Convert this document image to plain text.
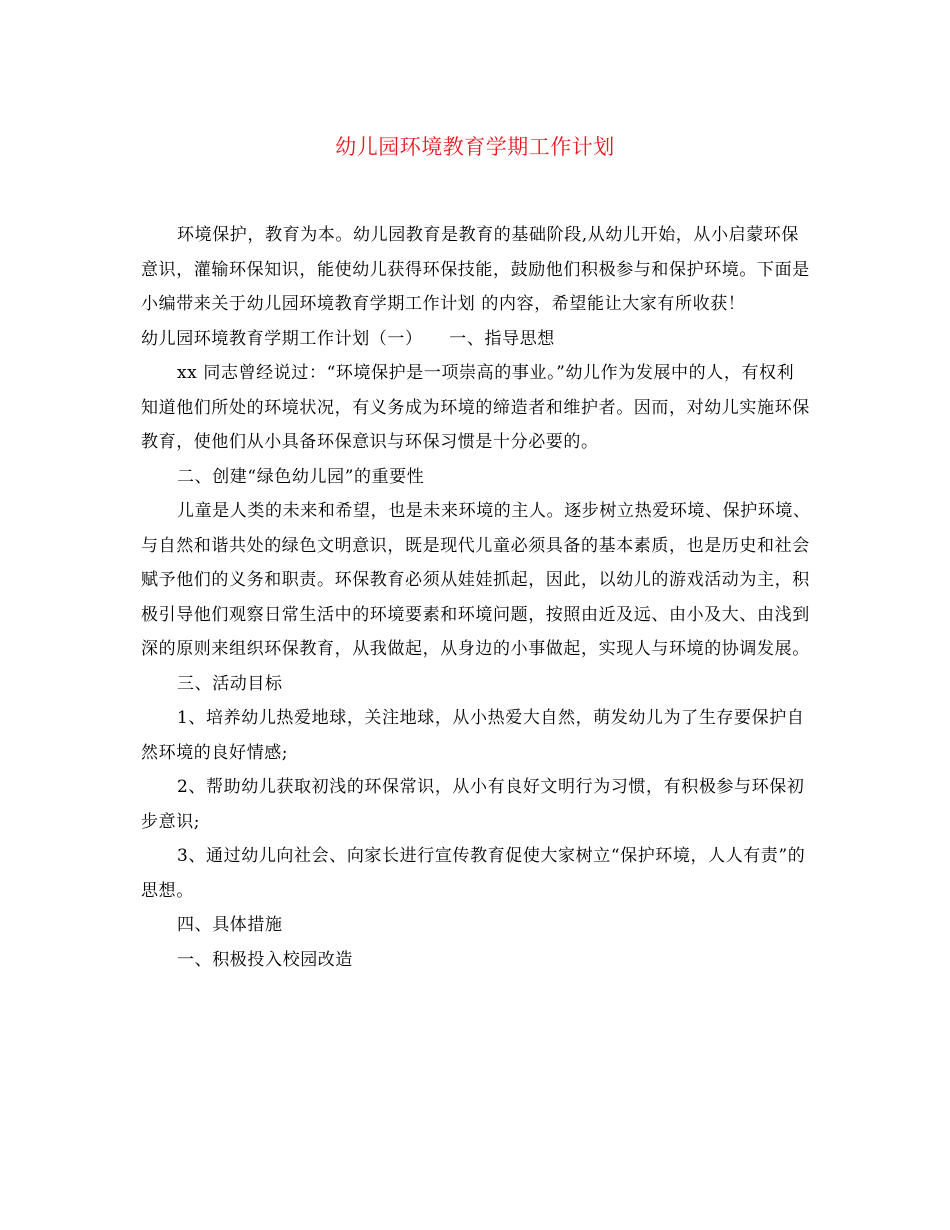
幼儿园环境教育学期工作计划

环境保护，教育为本。幼儿园教育是教育的基础阶段,从幼儿开始，从小启蒙环保意识，灌输环保知识，能使幼儿获得环保技能，鼓励他们积极参与和保护环境。下面是小编带来关于幼儿园环境教育学期工作计划 的内容，希望能让大家有所收获！

幼儿园环境教育学期工作计划（一）　　一、指导思想

xx 同志曾经说过：“环境保护是一项崇高的事业。”幼儿作为发展中的人，有权利知道他们所处的环境状况，有义务成为环境的缔造者和维护者。因而，对幼儿实施环保教育，使他们从小具备环保意识与环保习惯是十分必要的。

二、创建“绿色幼儿园”的重要性

儿童是人类的未来和希望，也是未来环境的主人。逐步树立热爱环境、保护环境、与自然和谐共处的绿色文明意识，既是现代儿童必须具备的基本素质，也是历史和社会赋予他们的义务和职责。环保教育必须从娃娃抓起，因此，以幼儿的游戏活动为主，积极引导他们观察日常生活中的环境要素和环境问题，按照由近及远、由小及大、由浅到深的原则来组织环保教育，从我做起，从身边的小事做起，实现人与环境的协调发展。

三、活动目标

1、培养幼儿热爱地球，关注地球，从小热爱大自然，萌发幼儿为了生存要保护自然环境的良好情感;

2、帮助幼儿获取初浅的环保常识，从小有良好文明行为习惯，有积极参与环保初步意识;

3、通过幼儿向社会、向家长进行宣传教育促使大家树立“保护环境，人人有责”的思想。

四、具体措施

一、积极投入校园改造
